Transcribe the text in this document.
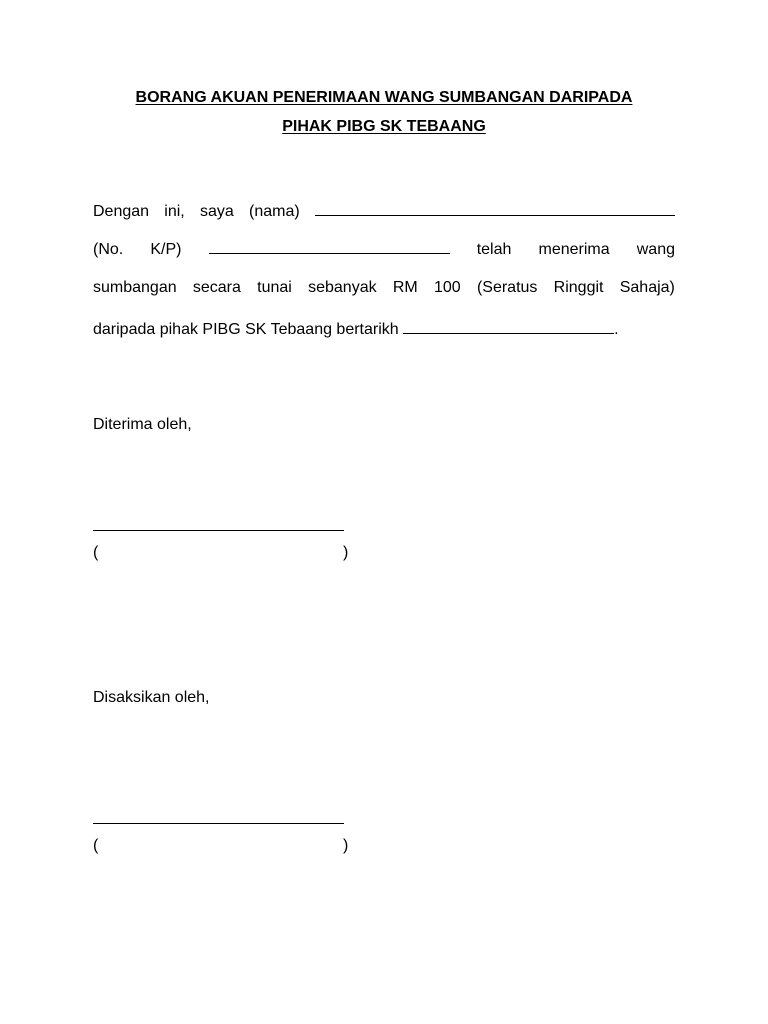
BORANG AKUAN PENERIMAAN WANG SUMBANGAN DARIPADA
PIHAK PIBG SK TEBAANG
Dengan ini, saya (nama)
(No. K/P)	telah menerima wang
sumbangan secara tunai sebanyak RM 100 (Seratus Ringgit Sahaja)
daripada pihak PIBG SK Tebaang bertarikh	.
Diterima oleh,
(	)
Disaksikan oleh,
(	)
